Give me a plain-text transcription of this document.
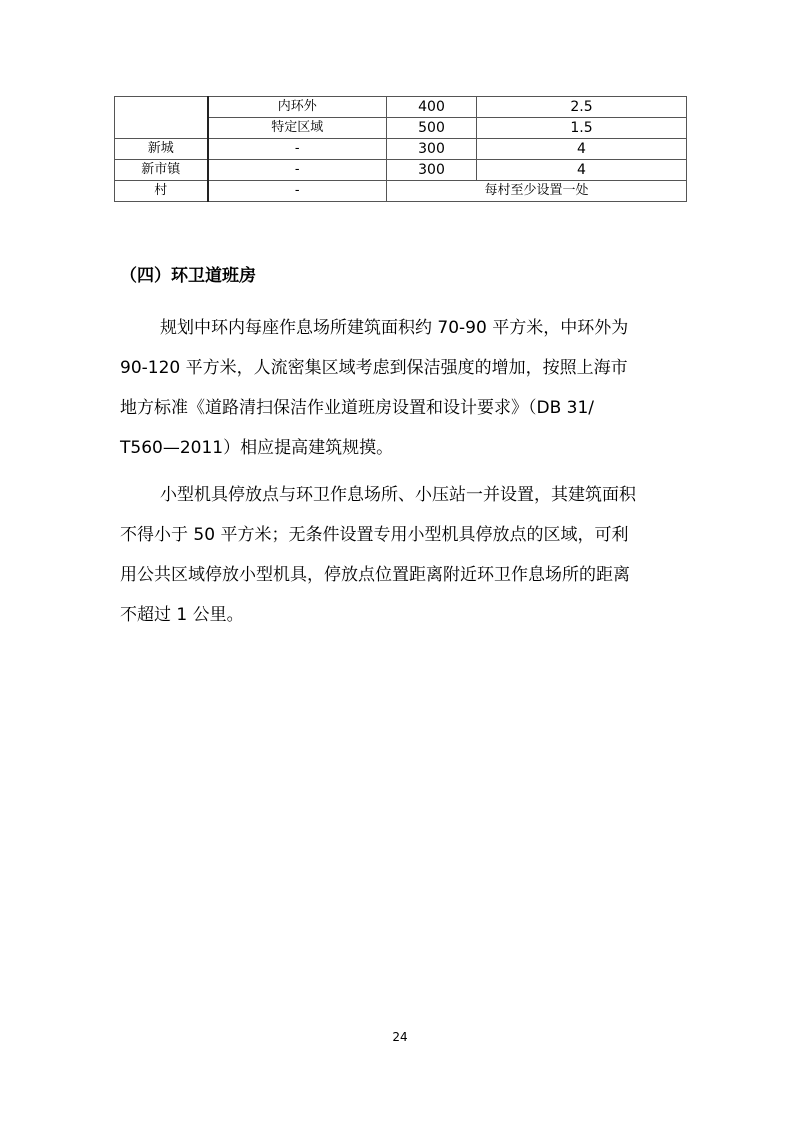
	内环外	400	2.5
	特定区域	500	1.5
新城	-	300	4
新市镇	-	300	4
村	-	每村至少设置一处	
（四）环卫道班房
规划中环内每座作息场所建筑面积约 70-90 平方米，中环外为
90-120 平方米，人流密集区域考虑到保洁强度的增加，按照上海市
地方标准《道路清扫保洁作业道班房设置和设计要求》（DB 31/
T560—2011）相应提高建筑规摸。
小型机具停放点与环卫作息场所、小压站一并设置，其建筑面积
不得小于 50 平方米；无条件设置专用小型机具停放点的区域，可利
用公共区域停放小型机具，停放点位置距离附近环卫作息场所的距离
不超过 1 公里。
24
